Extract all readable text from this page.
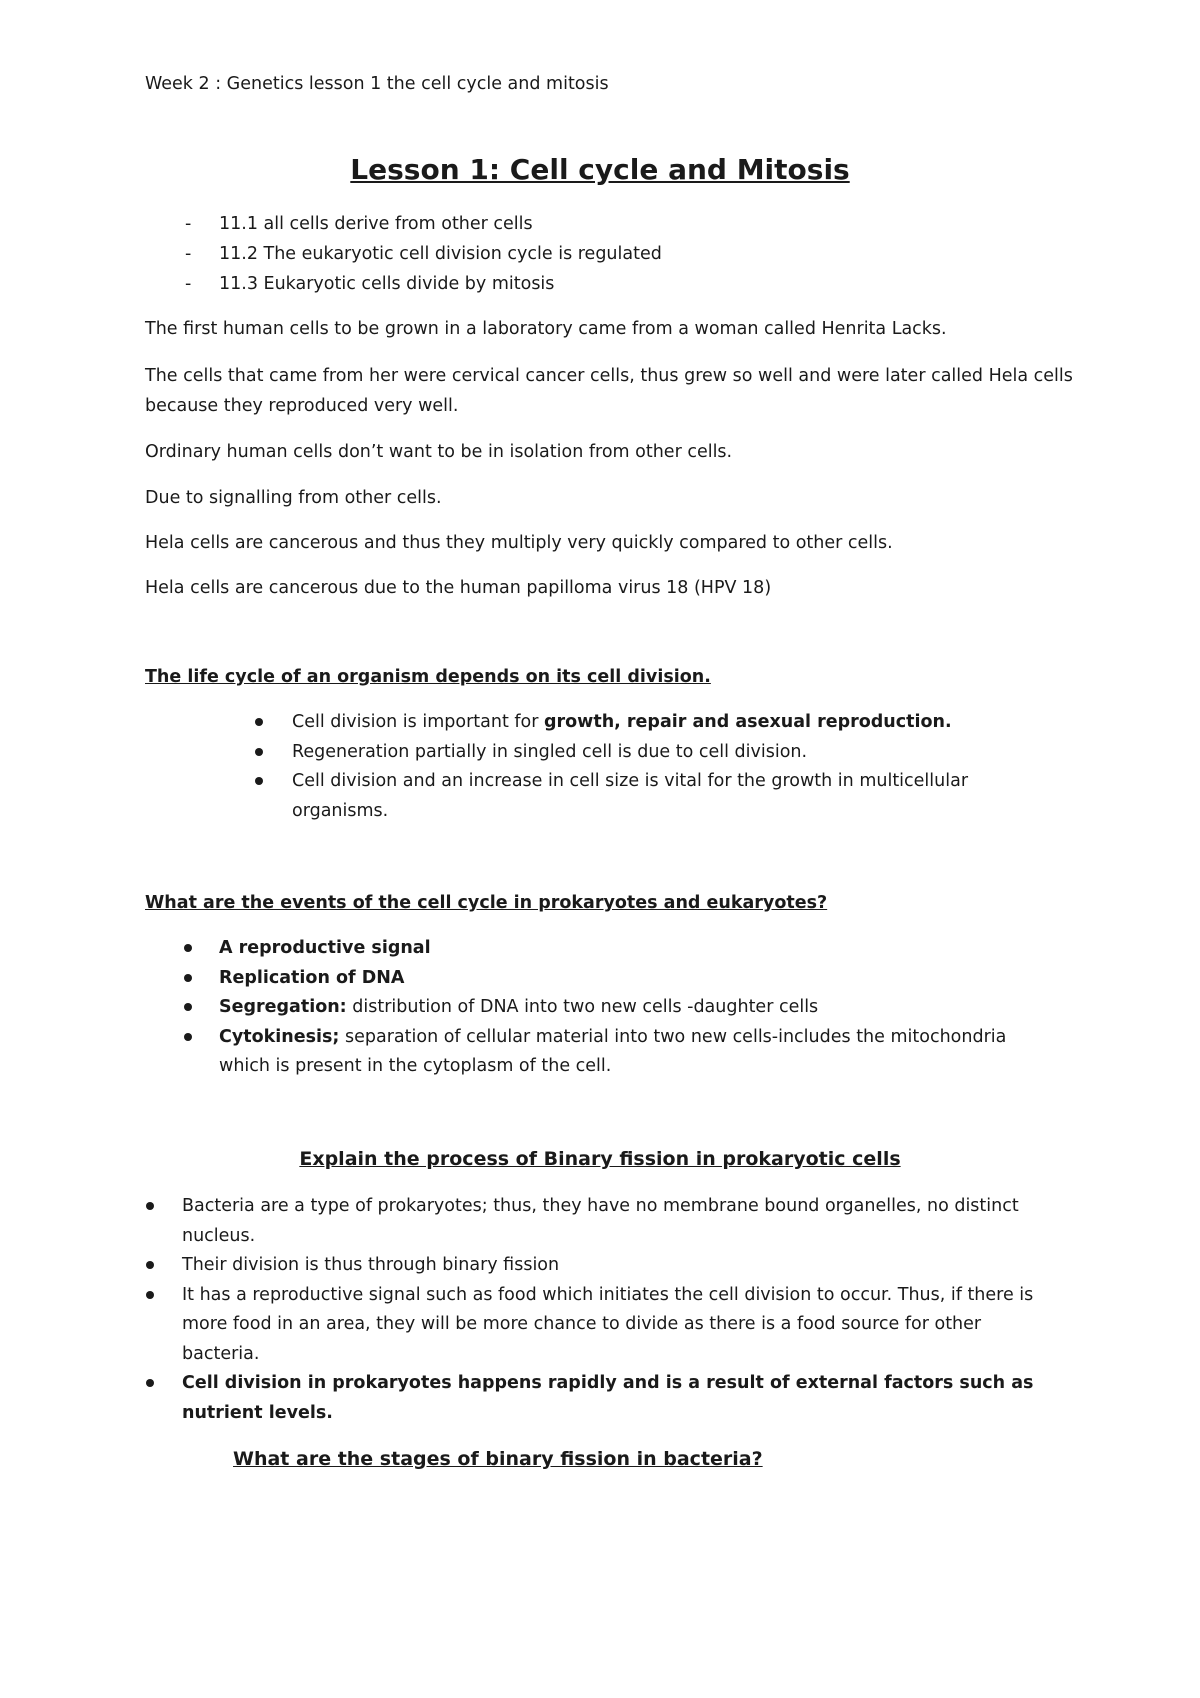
Week 2 : Genetics lesson 1 the cell cycle and mitosis
Lesson 1: Cell cycle and Mitosis
- 11.1 all cells derive from other cells
- 11.2 The eukaryotic cell division cycle is regulated
- 11.3 Eukaryotic cells divide by mitosis
The first human cells to be grown in a laboratory came from a woman called Henrita Lacks.
The cells that came from her were cervical cancer cells, thus grew so well and were later called Hela cells because they reproduced very well.
Ordinary human cells don’t want to be in isolation from other cells.
Due to signalling from other cells.
Hela cells are cancerous and thus they multiply very quickly compared to other cells.
Hela cells are cancerous due to the human papilloma virus 18 (HPV 18)
The life cycle of an organism depends on its cell division.
Cell division is important for growth, repair and asexual reproduction.
Regeneration partially in singled cell is due to cell division.
Cell division and an increase in cell size is vital for the growth in multicellular organisms.
What are the events of the cell cycle in prokaryotes and eukaryotes?
A reproductive signal
Replication of DNA
Segregation: distribution of DNA into two new cells -daughter cells
Cytokinesis; separation of cellular material into two new cells-includes the mitochondria which is present in the cytoplasm of the cell.
Explain the process of Binary fission in prokaryotic cells
Bacteria are a type of prokaryotes; thus, they have no membrane bound organelles, no distinct nucleus.
Their division is thus through binary fission
It has a reproductive signal such as food which initiates the cell division to occur. Thus, if there is more food in an area, they will be more chance to divide as there is a food source for other bacteria.
Cell division in prokaryotes happens rapidly and is a result of external factors such as nutrient levels.
What are the stages of binary fission in bacteria?
